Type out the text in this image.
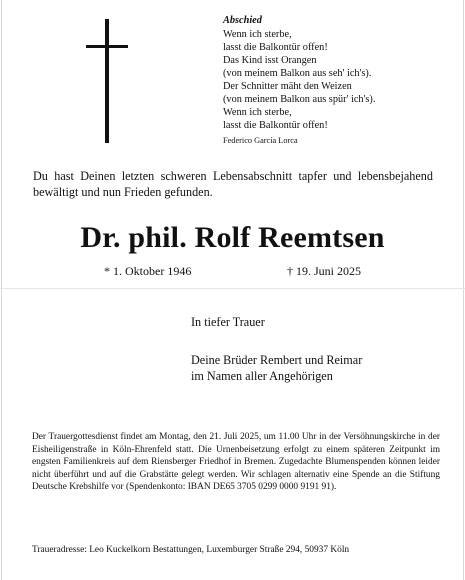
Abschied
Wenn ich sterbe,
lasst die Balkontür offen!
Das Kind isst Orangen
(von meinem Balkon aus seh' ich's).
Der Schnitter mäht den Weizen
(von meinem Balkon aus spür' ich's).
Wenn ich sterbe,
lasst die Balkontür offen!
Federico García Lorca
Du hast Deinen letzten schweren Lebensabschnitt tapfer und lebensbejahend bewältigt und nun Frieden gefunden.
Dr. phil. Rolf Reemtsen
* 1. Oktober 1946	† 19. Juni 2025
In tiefer Trauer
Deine Brüder Rembert und Reimar
im Namen aller Angehörigen
Der Trauergottesdienst findet am Montag, den 21. Juli 2025, um 11.00 Uhr in der Versöhnungskirche in der Eisheiligenstraße in Köln-Ehrenfeld statt. Die Urnenbeisetzung erfolgt zu einem späteren Zeitpunkt im engsten Familienkreis auf dem Riensberger Friedhof in Bremen. Zugedachte Blumenspenden können leider nicht überführt und auf die Grabstätte gelegt werden. Wir schlagen alternativ eine Spende an die Stiftung Deutsche Krebshilfe vor (Spendenkonto: IBAN DE65 3705 0299 0000 9191 91).
Traueradresse: Leo Kuckelkorn Bestattungen, Luxemburger Straße 294, 50937 Köln
